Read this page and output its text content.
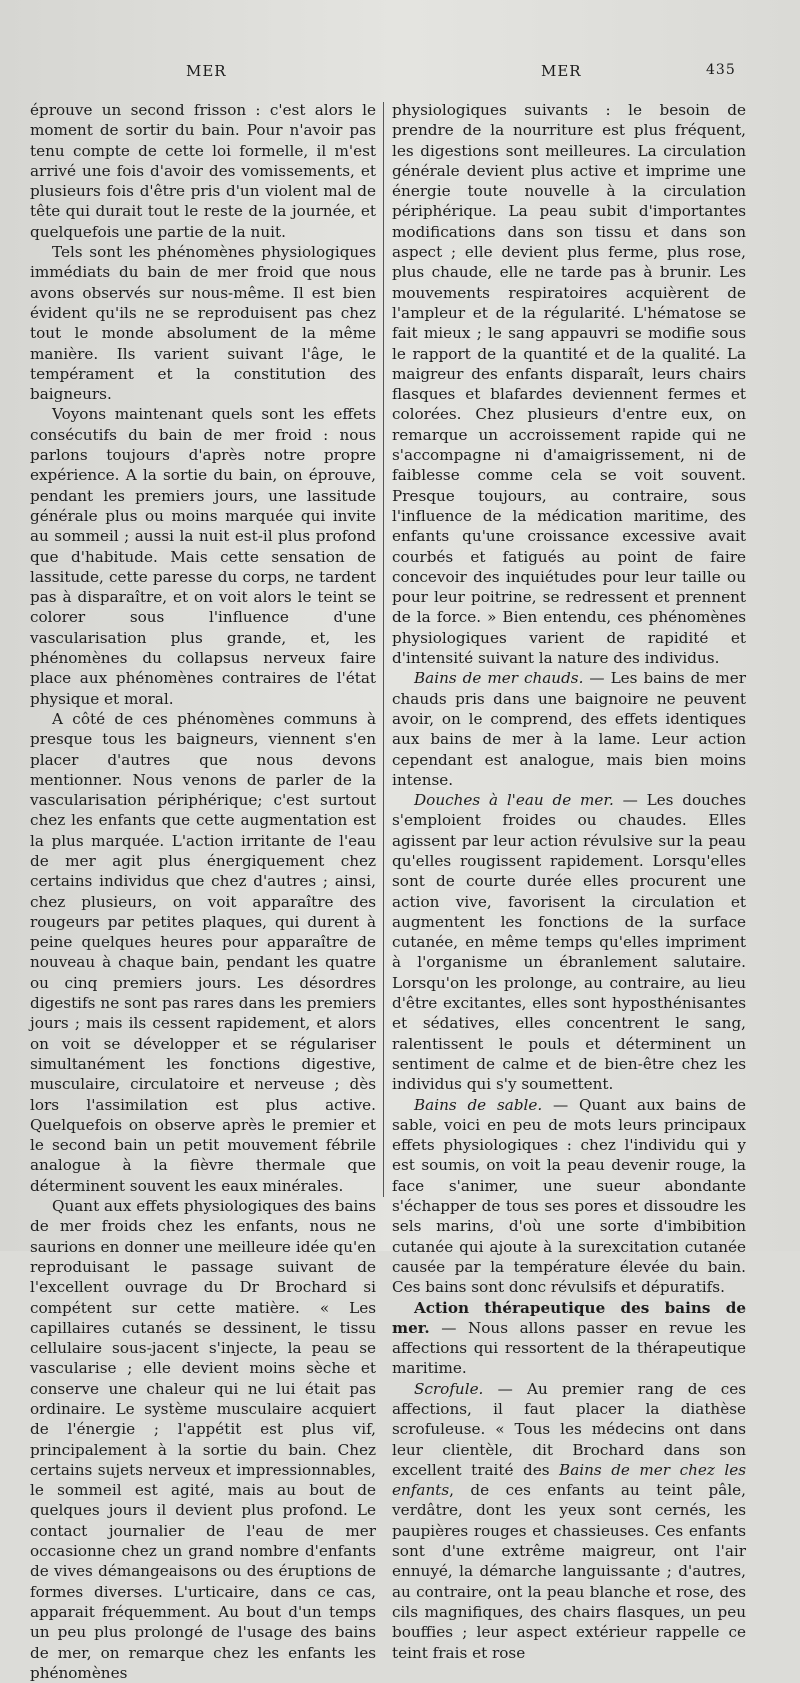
MER	MER	435

éprouve un second frisson : c'est alors le moment de sortir du bain. Pour n'avoir pas tenu compte de cette loi formelle, il m'est arrivé une fois d'avoir des vomissements, et plusieurs fois d'être pris d'un violent mal de tête qui durait tout le reste de la journée, et quelquefois une partie de la nuit.

Tels sont les phénomènes physiologiques immédiats du bain de mer froid que nous avons observés sur nous-même. Il est bien évident qu'ils ne se reproduisent pas chez tout le monde absolument de la même manière. Ils varient suivant l'âge, le tempérament et la constitution des baigneurs.

Voyons maintenant quels sont les effets consécutifs du bain de mer froid : nous parlons toujours d'après notre propre expérience. A la sortie du bain, on éprouve, pendant les premiers jours, une lassitude générale plus ou moins marquée qui invite au sommeil ; aussi la nuit est-il plus profond que d'habitude. Mais cette sensation de lassitude, cette paresse du corps, ne tardent pas à disparaître, et on voit alors le teint se colorer sous l'influence d'une vascularisation plus grande, et, les phénomènes du collapsus nerveux faire place aux phénomènes contraires de l'état physique et moral.

A côté de ces phénomènes communs à presque tous les baigneurs, viennent s'en placer d'autres que nous devons mentionner. Nous venons de parler de la vascularisation périphérique; c'est surtout chez les enfants que cette augmentation est la plus marquée. L'action irritante de l'eau de mer agit plus énergiquement chez certains individus que chez d'autres ; ainsi, chez plusieurs, on voit apparaître des rougeurs par petites plaques, qui durent à peine quelques heures pour apparaître de nouveau à chaque bain, pendant les quatre ou cinq premiers jours. Les désordres digestifs ne sont pas rares dans les premiers jours ; mais ils cessent rapidement, et alors on voit se développer et se régulariser simultanément les fonctions digestive, musculaire, circulatoire et nerveuse ; dès lors l'assimilation est plus active. Quelquefois on observe après le premier et le second bain un petit mouvement fébrile analogue à la fièvre thermale que déterminent souvent les eaux minérales.

Quant aux effets physiologiques des bains de mer froids chez les enfants, nous ne saurions en donner une meilleure idée qu'en reproduisant le passage suivant de l'excellent ouvrage du Dr Brochard si compétent sur cette matière. « Les capillaires cutanés se dessinent, le tissu cellulaire sous-jacent s'injecte, la peau se vascularise ; elle devient moins sèche et conserve une chaleur qui ne lui était pas ordinaire. Le système musculaire acquiert de l'énergie ; l'appétit est plus vif, principalement à la sortie du bain. Chez certains sujets nerveux et impressionnables, le sommeil est agité, mais au bout de quelques jours il devient plus profond. Le contact journalier de l'eau de mer occasionne chez un grand nombre d'enfants de vives démangeaisons ou des éruptions de formes diverses. L'urticaire, dans ce cas, apparait fréquemment. Au bout d'un temps un peu plus prolongé de l'usage des bains de mer, on remarque chez les enfants les phénomènes

physiologiques suivants : le besoin de prendre de la nourriture est plus fréquent, les digestions sont meilleures. La circulation générale devient plus active et imprime une énergie toute nouvelle à la circulation périphérique. La peau subit d'importantes modifications dans son tissu et dans son aspect ; elle devient plus ferme, plus rose, plus chaude, elle ne tarde pas à brunir. Les mouvements respiratoires acquièrent de l'ampleur et de la régularité. L'hématose se fait mieux ; le sang appauvri se modifie sous le rapport de la quantité et de la qualité. La maigreur des enfants disparaît, leurs chairs flasques et blafardes deviennent fermes et colorées. Chez plusieurs d'entre eux, on remarque un accroissement rapide qui ne s'accompagne ni d'amaigrissement, ni de faiblesse comme cela se voit souvent. Presque toujours, au contraire, sous l'influence de la médication maritime, des enfants qu'une croissance excessive avait courbés et fatigués au point de faire concevoir des inquiétudes pour leur taille ou pour leur poitrine, se redressent et prennent de la force. » Bien entendu, ces phénomènes physiologiques varient de rapidité et d'intensité suivant la nature des individus.

Bains de mer chauds. — Les bains de mer chauds pris dans une baignoire ne peuvent avoir, on le comprend, des effets identiques aux bains de mer à la lame. Leur action cependant est analogue, mais bien moins intense.

Douches à l'eau de mer. — Les douches s'emploient froides ou chaudes. Elles agissent par leur action révulsive sur la peau qu'elles rougissent rapidement. Lorsqu'elles sont de courte durée elles procurent une action vive, favorisent la circulation et augmentent les fonctions de la surface cutanée, en même temps qu'elles impriment à l'organisme un ébranlement salutaire. Lorsqu'on les prolonge, au contraire, au lieu d'être excitantes, elles sont hyposthénisantes et sédatives, elles concentrent le sang, ralentissent le pouls et déterminent un sentiment de calme et de bien-être chez les individus qui s'y soumettent.

Bains de sable. — Quant aux bains de sable, voici en peu de mots leurs principaux effets physiologiques : chez l'individu qui y est soumis, on voit la peau devenir rouge, la face s'animer, une sueur abondante s'échapper de tous ses pores et dissoudre les sels marins, d'où une sorte d'imbibition cutanée qui ajoute à la surexcitation cutanée causée par la température élevée du bain. Ces bains sont donc révulsifs et dépuratifs.

Action thérapeutique des bains de mer. — Nous allons passer en revue les affections qui ressortent de la thérapeutique maritime.

Scrofule. — Au premier rang de ces affections, il faut placer la diathèse scrofuleuse. « Tous les médecins ont dans leur clientèle, dit Brochard dans son excellent traité des Bains de mer chez les enfants, de ces enfants au teint pâle, verdâtre, dont les yeux sont cernés, les paupières rouges et chassieuses. Ces enfants sont d'une extrême maigreur, ont l'air ennuyé, la démarche languissante ; d'autres, au contraire, ont la peau blanche et rose, des cils magnifiques, des chairs flasques, un peu bouffies ; leur aspect extérieur rappelle ce teint frais et rose
